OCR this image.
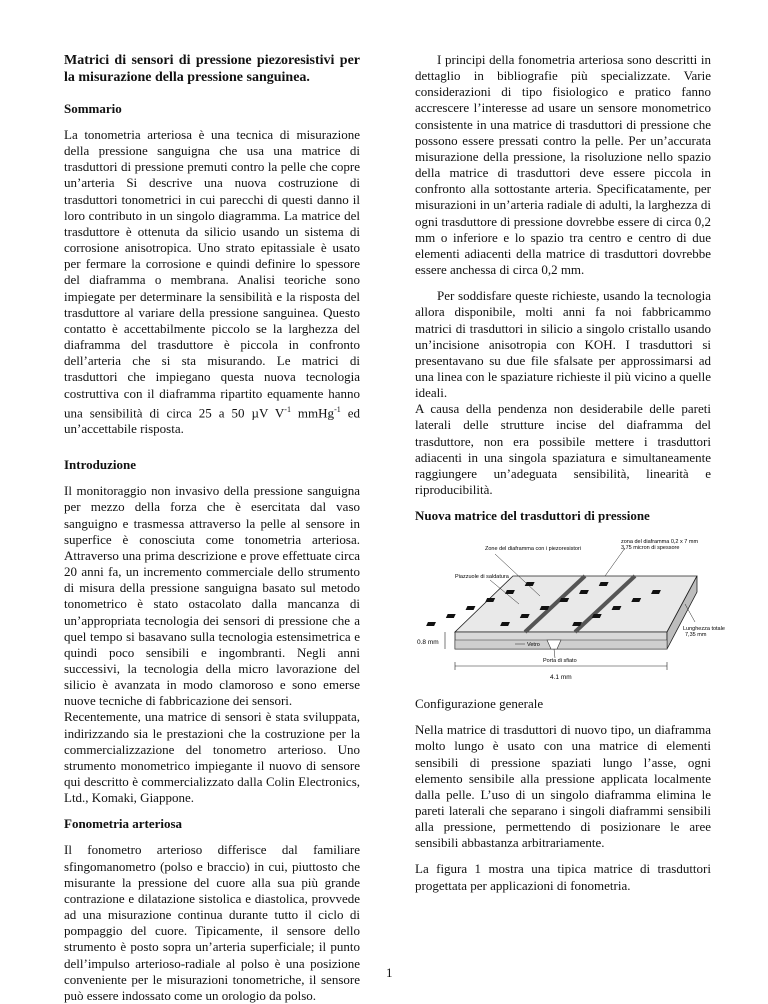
Matrici di sensori di pressione piezoresistivi per la misurazione della pressione sanguinea.
Sommario

La tonometria arteriosa è una tecnica di misurazione della pressione sanguigna che usa una matrice di trasduttori di pressione premuti contro la pelle che copre un’arteria Si descrive una nuova costruzione di trasduttori tonometrici in cui parecchi di questi danno il loro contributo in un singolo diagramma. La matrice del trasduttore è ottenuta da silicio usando un sistema di corrosione anisotropica. Uno strato epitassiale è usato per fermare la corrosione e quindi definire lo spessore del diaframma o membrana. Analisi teoriche sono impiegate per determinare la sensibilità e la risposta del trasduttore al variare della pressione sanguinea. Questo contatto è accettabilmente piccolo se la larghezza del diaframma del trasduttore è piccola in confronto dell’arteria che si sta misurando. Le matrici di trasduttori che impiegano questa nuova tecnologia costruttiva con il diaframma ripartito equamente hanno una sensibilità di circa 25 a 50 µV $V^{-1}$ mmHg$^{-1}$ ed un’accettabile risposta.

Introduzione

Il monitoraggio non invasivo della pressione sanguigna per mezzo della forza che è esercitata dal vaso sanguigno e trasmessa attraverso la pelle al sensore in superfice è conosciuta come tonometria arteriosa. Attraverso una prima descrizione e prove effettuate circa 20 anni fa, un incremento commerciale dello strumento di misura della pressione sanguigna basato sul metodo tonometrico è stato ostacolato dalla mancanza di un’appropriata tecnologia dei sensori di pressione che a quel tempo si basavano sulla tecnologia estensimetrica e quindi poco sensibili e ingombranti. Negli anni successivi, la tecnologia della micro lavorazione del silicio è avanzata in modo clamoroso e sono emerse nuove tecniche di fabbricazione dei sensori.

Recentemente, una matrice di sensori è stata sviluppata, indirizzando sia le prestazioni che la costruzione per la commercializzazione del tonometro arterioso. Uno strumento monometrico impiegante il nuovo di sensore qui descritto è commercializzato dalla Colin Electronics, Ltd., Komaki, Giappone.

Fonometria arteriosa

Il fonometro arterioso differisce dal familiare sfingomanometro (polso e braccio) in cui, piuttosto che misurante la pressione del cuore alla sua più grande contrazione e dilatazione sistolica e diastolica, provvede ad una misurazione continua durante tutto il ciclo di pompaggio del cuore. Tipicamente, il sensore dello strumento è posto sopra un’arteria superficiale; il punto dell’impulso arterioso-radiale al polso è una posizione conveniente per le misurazioni tonometriche, il sensore può essere indossato come un orologio da polso.

I principi della fonometria arteriosa sono descritti in dettaglio in bibliografie più specializzate. Varie considerazioni di tipo fisiologico e pratico fanno accrescere l’interesse ad usare un sensore monometrico consistente in una matrice di trasduttori di pressione che possono essere pressati contro la pelle. Per un’accurata misurazione della pressione, la risoluzione nello spazio della matrice di trasduttori deve essere piccola in confronto alla sottostante arteria. Specificatamente, per misurazioni in un’arteria radiale di adulti, la larghezza di ogni trasduttore di pressione dovrebbe essere di circa 0,2 mm o inferiore e lo spazio tra centro e centro di due elementi adiacenti della matrice di trasduttori dovrebbe essere anchessa di circa 0,2 mm.

Per soddisfare queste richieste, usando la tecnologia allora disponibile, molti anni fa noi fabbricammo matrici di trasduttori in silicio a singolo cristallo usando un’incisione anisotropia con KOH. I trasduttori si presentavano su due file sfalsate per approssimarsi ad una linea con le spaziature richieste il più vicino a quelle ideali.

A causa della pendenza non desiderabile delle pareti laterali delle strutture incise del diaframma del trasduttore, non era possibile mettere i trasduttori adiacenti in una singola spaziatura e simultaneamente raggiungere un’adeguata sensibilità, linearità e riproducibilità.

Nuova matrice del trasduttori di pressione
Zone del diaframma con i piezoresistori
zona del diaframma 0,2 x 7 mm
3,75 micron di spessore
Piazzuole di saldatura
Lunghezza totale
7,35 mm
0.8 mm	Vetro
Porta di sfiato
4.1 mm
Configurazione generale

Nella matrice di trasduttori di nuovo tipo, un diaframma molto lungo è usato con una matrice di elementi sensibili di pressione spaziati lungo l’asse, ogni elemento sensibile alla pressione applicata localmente dalla pelle. L’uso di un singolo diaframma elimina le pareti laterali che separano i singoli diaframmi sensibili alla pressione, permettendo di posizionare le aree sensibili abbastanza arbitrariamente.

La figura 1 mostra una tipica matrice di trasduttori progettata per applicazioni di fonometria.

1
